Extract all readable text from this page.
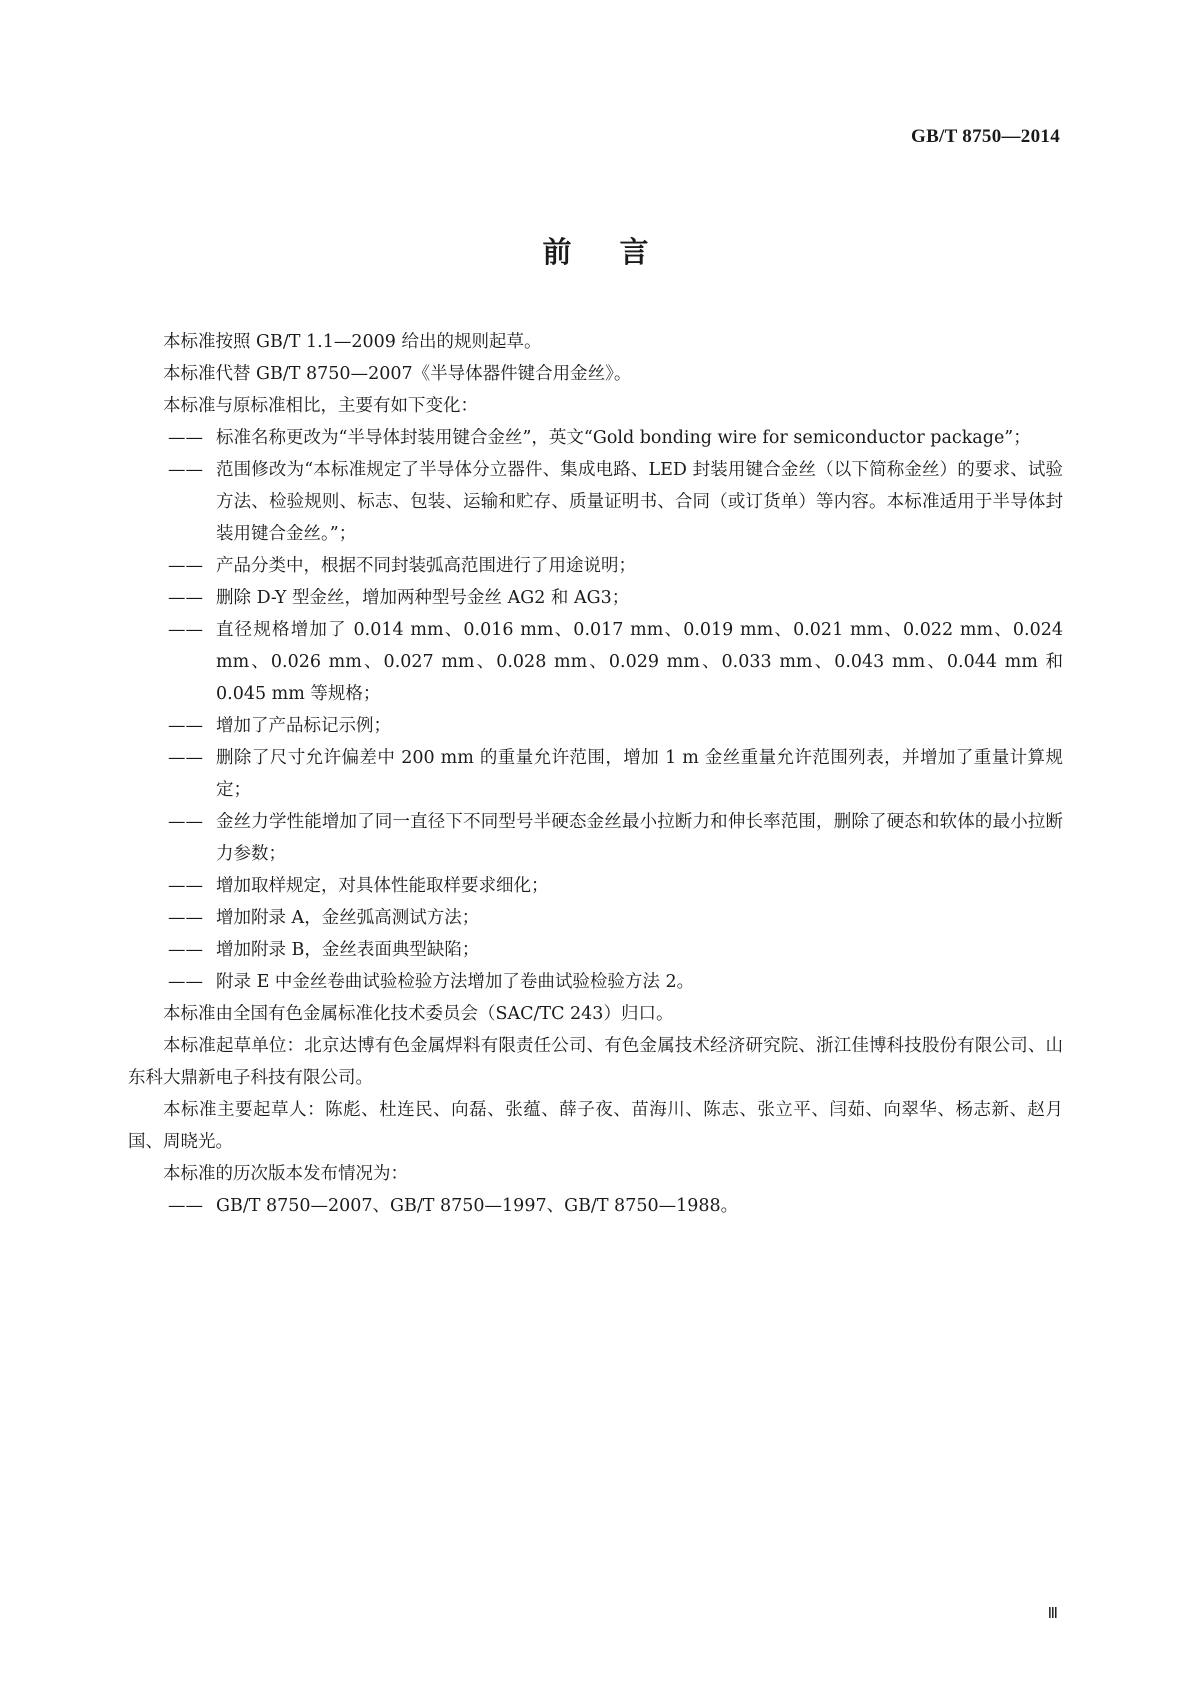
GB/T 8750—2014
前言

本标准按照 GB/T 1.1—2009 给出的规则起草。

本标准代替 GB/T 8750—2007《半导体器件键合用金丝》。

本标准与原标准相比，主要有如下变化：

—— 标准名称更改为“半导体封装用键合金丝”，英文“Gold bonding wire for semiconductor package”；
—— 范围修改为“本标准规定了半导体分立器件、集成电路、LED 封装用键合金丝（以下简称金丝）的要求、试验方法、检验规则、标志、包装、运输和贮存、质量证明书、合同（或订货单）等内容。本标准适用于半导体封装用键合金丝。”；
—— 产品分类中，根据不同封装弧高范围进行了用途说明；
—— 删除 D-Y 型金丝，增加两种型号金丝 AG2 和 AG3；
—— 直径规格增加了 0.014 mm、0.016 mm、0.017 mm、0.019 mm、0.021 mm、0.022 mm、0.024 mm、0.026 mm、0.027 mm、0.028 mm、0.029 mm、0.033 mm、0.043 mm、0.044 mm 和 0.045 mm 等规格；
—— 增加了产品标记示例；
—— 删除了尺寸允许偏差中 200 mm 的重量允许范围，增加 1 m 金丝重量允许范围列表，并增加了重量计算规定；
—— 金丝力学性能增加了同一直径下不同型号半硬态金丝最小拉断力和伸长率范围，删除了硬态和软体的最小拉断力参数；
—— 增加取样规定，对具体性能取样要求细化；
—— 增加附录 A，金丝弧高测试方法；
—— 增加附录 B，金丝表面典型缺陷；
—— 附录 E 中金丝卷曲试验检验方法增加了卷曲试验检验方法 2。

本标准由全国有色金属标准化技术委员会（SAC/TC 243）归口。

本标准起草单位：北京达博有色金属焊料有限责任公司、有色金属技术经济研究院、浙江佳博科技股份有限公司、山东科大鼎新电子科技有限公司。

本标准主要起草人：陈彪、杜连民、向磊、张蕴、薛子夜、苗海川、陈志、张立平、闫茹、向翠华、杨志新、赵月国、周晓光。

本标准的历次版本发布情况为：

—— GB/T 8750—2007、GB/T 8750—1997、GB/T 8750—1988。
Ⅲ
